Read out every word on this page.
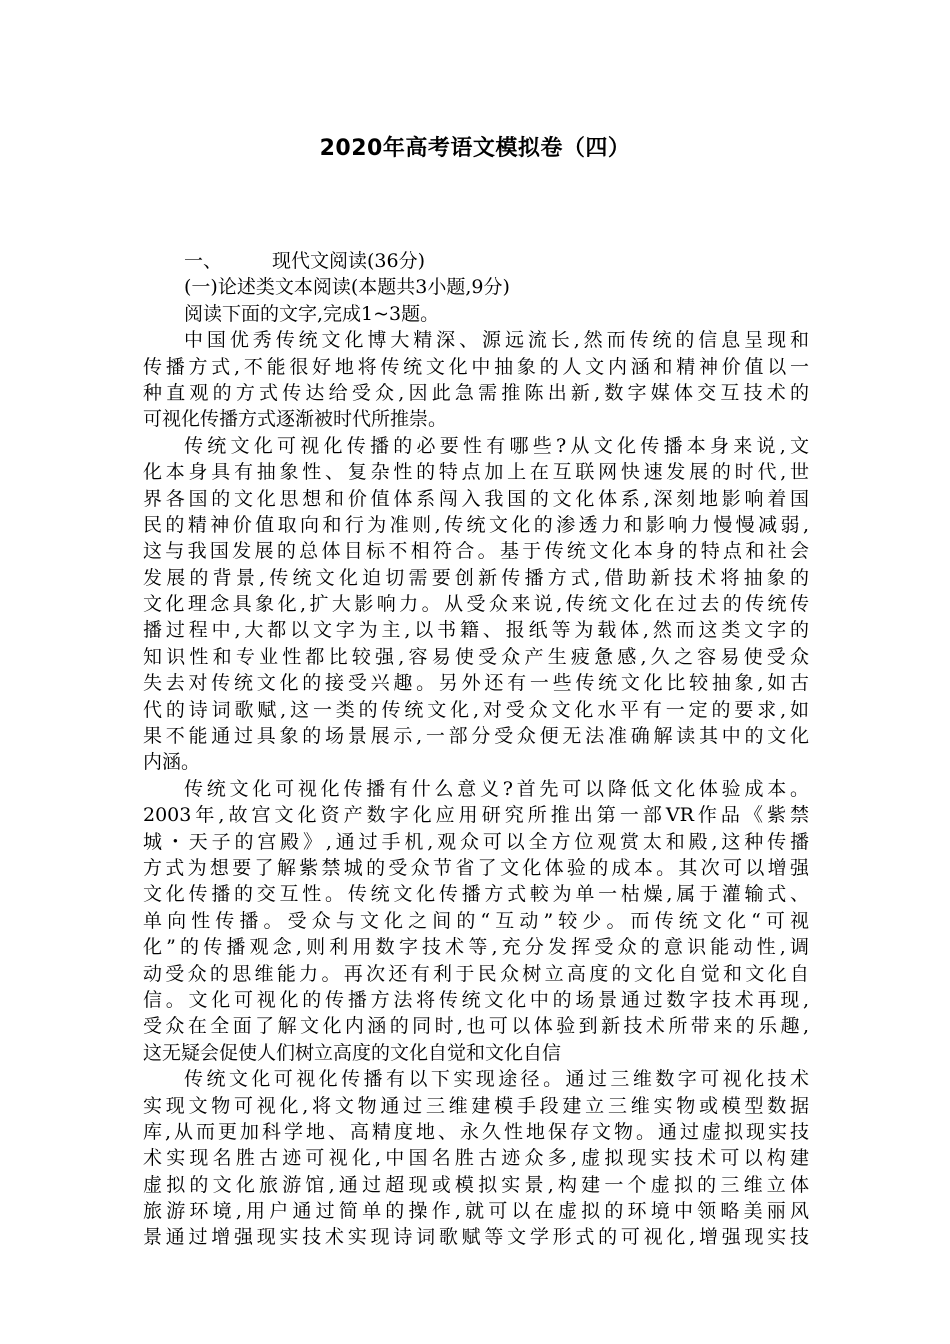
2020年高考语文模拟卷（四）
一、	现代文阅读(36分)
(一)论述类文本阅读(本题共3小题,9分)
阅读下面的文字,完成1~3题。
中国优秀传统文化博大精深、源远流长,然而传统的信息呈现和
传播方式,不能很好地将传统文化中抽象的人文内涵和精神价值以一
种直观的方式传达给受众,因此急需推陈出新,数字媒体交互技术的
可视化传播方式逐渐被时代所推崇。
传统文化可视化传播的必要性有哪些?从文化传播本身来说,文
化本身具有抽象性、复杂性的特点加上在互联网快速发展的时代,世
界各国的文化思想和价值体系闯入我国的文化体系,深刻地影响着国
民的精神价值取向和行为准则,传统文化的渗透力和影响力慢慢减弱,
这与我国发展的总体目标不相符合。基于传统文化本身的特点和社会
发展的背景,传统文化迫切需要创新传播方式,借助新技术将抽象的
文化理念具象化,扩大影响力。从受众来说,传统文化在过去的传统传
播过程中,大都以文字为主,以书籍、报纸等为载体,然而这类文字的
知识性和专业性都比较强,容易使受众产生疲惫感,久之容易使受众
失去对传统文化的接受兴趣。另外还有一些传统文化比较抽象,如古
代的诗词歌赋,这一类的传统文化,对受众文化水平有一定的要求,如
果不能通过具象的场景展示,一部分受众便无法准确解读其中的文化
内涵。
传统文化可视化传播有什么意义?首先可以降低文化体验成本。
2003年,故宫文化资产数字化应用研究所推出第一部VR作品《紫禁
城・天子的宫殿》,通过手机,观众可以全方位观赏太和殿,这种传播
方式为想要了解紫禁城的受众节省了文化体验的成本。其次可以增强
文化传播的交互性。传统文化传播方式較为单一枯燥,属于灌输式、
单向性传播。受众与文化之间的“互动”较少。而传统文化“可视
化”的传播观念,则利用数字技术等,充分发挥受众的意识能动性,调
动受众的思维能力。再次还有利于民众树立高度的文化自觉和文化自
信。文化可视化的传播方法将传统文化中的场景通过数字技术再现,
受众在全面了解文化内涵的同时,也可以体验到新技术所带来的乐趣,
这无疑会促使人们树立高度的文化自觉和文化自信
传统文化可视化传播有以下实现途径。通过三维数字可视化技术
实现文物可视化,将文物通过三维建模手段建立三维实物或模型数据
库,从而更加科学地、高精度地、永久性地保存文物。通过虚拟现实技
术实现名胜古迹可视化,中国名胜古迹众多,虚拟现实技术可以构建
虚拟的文化旅游馆,通过超现或模拟实景,构建一个虚拟的三维立体
旅游环境,用户通过简单的操作,就可以在虚拟的环境中领略美丽风
景通过增强现实技术实现诗词歌赋等文学形式的可视化,增强现实技
